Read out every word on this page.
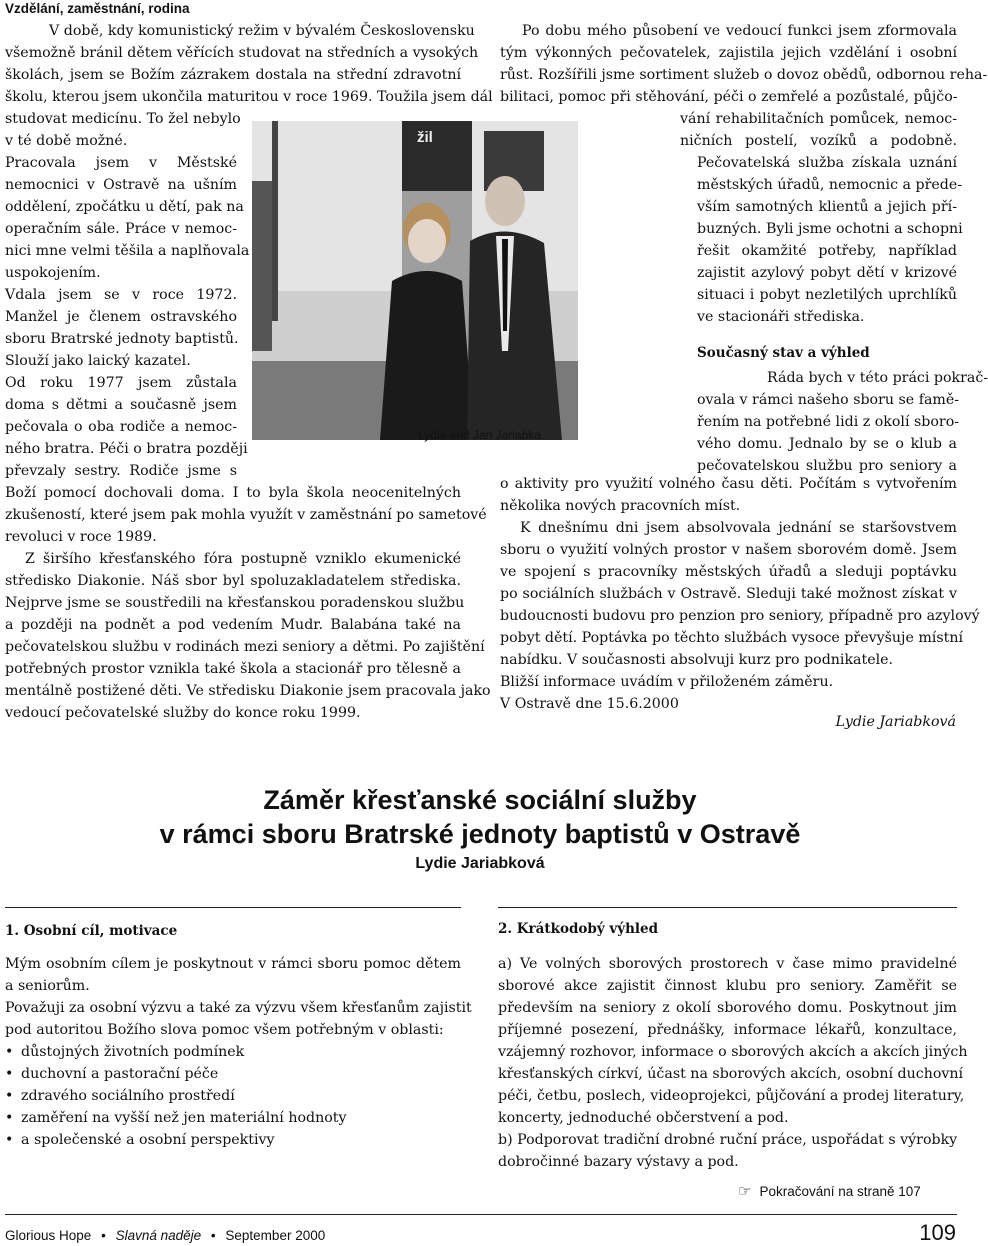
Vzdělání, zaměstnání, rodina
V době, kdy komunistický režim v bývalém Československu
všemožně bránil dětem věřících studovat na středních a vysokých
školách, jsem se Božím zázrakem dostala na střední zdravotní
školu, kterou jsem ukončila maturitou v roce 1969. Toužila jsem dál
studovat medicínu. To žel nebylo
v té době možné.
Pracovala jsem v Městské
nemocnici v Ostravě na ušním
oddělení, zpočátku u dětí, pak na
operačním sále. Práce v nemoc-
nici mne velmi těšila a naplňovala
uspokojením.
Vdala jsem se v roce 1972.
Manžel je členem ostravského
sboru Bratrské jednoty baptistů.
Slouží jako laický kazatel.
Od roku 1977 jsem zůstala
doma s dětmi a současně jsem
pečovala o oba rodiče a nemoc-
ného bratra. Péči o bratra později
převzaly sestry. Rodiče jsme s
Boží pomocí dochovali doma. I to byla škola neocenitelných
zkušeností, které jsem pak mohla využít v zaměstnání po sametové
revoluci v roce 1989.
Z širšího křesťanského fóra postupně vzniklo ekumenické
středisko Diakonie. Náš sbor byl spoluzakladatelem střediska.
Nejprve jsme se soustředili na křesťanskou poradenskou službu
a později na podnět a pod vedením Mudr. Balabána také na
pečovatelskou službu v rodinách mezi seniory a dětmi. Po zajištění
potřebných prostor vznikla také škola a stacionář pro tělesně a
mentálně postižené děti. Ve středisku Diakonie jsem pracovala jako
vedoucí pečovatelské služby do konce roku 1999.
žil
Lydie and Jan Jariabka
Po dobu mého působení ve vedoucí funkci jsem zformovala
tým výkonných pečovatelek, zajistila jejich vzdělání i osobní
růst. Rozšířili jsme sortiment služeb o dovoz obědů, odbornou reha-
bilitaci, pomoc při stěhování, péči o zemřelé a pozůstalé, půjčo-
vání rehabilitačních pomůcek, nemoc-
ničních postelí, vozíků a podobně.
Pečovatelská služba získala uznání
městských úřadů, nemocnic a přede-
vším samotných klientů a jejich pří-
buzných. Byli jsme ochotni a schopni
řešit okamžité potřeby, například
zajistit azylový pobyt dětí v krizové
situaci i pobyt nezletilých uprchlíků
ve stacionáři střediska.
Současný stav a výhled
Ráda bych v této práci pokrač-
ovala v rámci našeho sboru se famě-
řením na potřebné lidi z okolí sboro-
vého domu. Jednalo by se o klub a
pečovatelskou službu pro seniory a
o aktivity pro využití volného času děti. Počítám s vytvořením
několika nových pracovních míst.
K dnešnímu dni jsem absolvovala jednání se staršovstvem
sboru o využití volných prostor v našem sborovém domě. Jsem
ve spojení s pracovníky městských úřadů a sleduji poptávku
po sociálních službách v Ostravě. Sleduji také možnost získat v
budoucnosti budovu pro penzion pro seniory, případně pro azylový
pobyt dětí. Poptávka po těchto službách vysoce převyšuje místní
nabídku. V současnosti absolvuji kurz pro podnikatele.
Bližší informace uvádím v přiloženém záměru.
V Ostravě dne 15.6.2000
Lydie Jariabková
Záměr křesťanské sociální služby
v rámci sboru Bratrské jednoty baptistů v Ostravě
Lydie Jariabková
1. Osobní cíl, motivace
Mým osobním cílem je poskytnout v rámci sboru pomoc dětem
a seniorům.
Považuji za osobní výzvu a také za výzvu všem křesťanům zajistit
pod autoritou Božího slova pomoc všem potřebným v oblasti:
• důstojných životních podmínek
• duchovní a pastorační péče
• zdravého sociálního prostředí
• zaměření na vyšší než jen materiální hodnoty
• a společenské a osobní perspektivy
2. Krátkodobý výhled
a) Ve volných sborových prostorech v čase mimo pravidelné
sborové akce zajistit činnost klubu pro seniory. Zaměřit se
především na seniory z okolí sborového domu. Poskytnout jim
příjemné posezení, přednášky, informace lékařů, konzultace,
vzájemný rozhovor, informace o sborových akcích a akcích jiných
křesťanských církví, účast na sborových akcích, osobní duchovní
péči, četbu, poslech, videoprojekci, půjčování a prodej literatury,
koncerty, jednoduché občerstvení a pod.
b) Podporovat tradiční drobné ruční práce, uspořádat s výrobky
dobročinné bazary výstavy a pod.
☞ Pokračování na straně 107
Glorious Hope • Slavná naděje • September 2000	109
